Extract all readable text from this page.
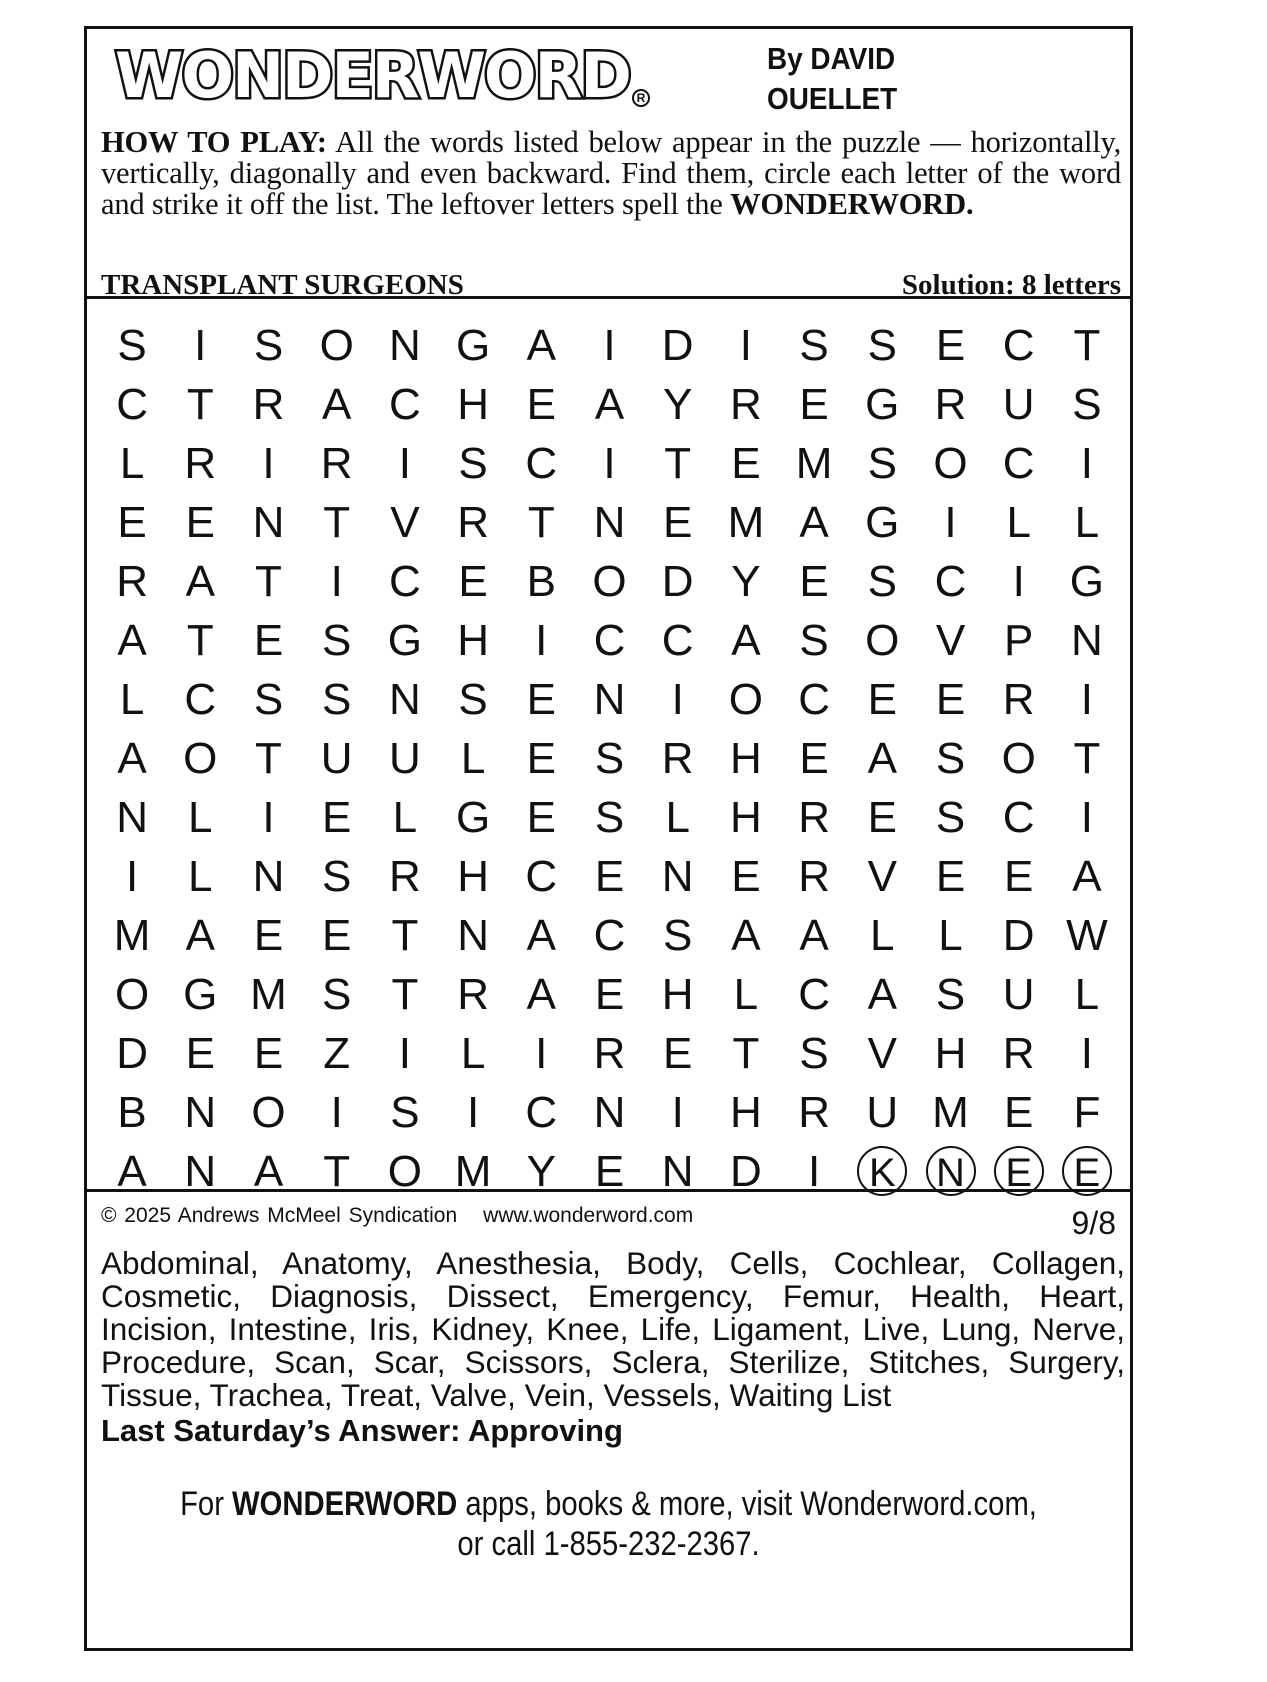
WONDERWORD R
By DAVID
OUELLET
HOW TO PLAY: All the words listed below appear in the puzzle — horizontally, vertically, diagonally and even backward. Find them, circle each letter of the word and strike it off the list. The leftover letters spell the WONDERWORD.
TRANSPLANT SURGEONS	Solution: 8 letters
S	I	S O N G A	I	D	I	S S E C T
C T R A C H E A Y R E G R U S
L R	I	R	I	S C	I	T E M S O C	I
E E N T V R T N E M A G	I	L L
R A T	I	C E B O D Y E S C	I	G
A T E S G H	I	C C A S O V P N
L C S S N S E N	I	O C E E R	I
A O T U U L E S R H E A S O T
N L	I	E L G E S L H R E S C	I
I	L N S R H C E N E R V E E A
M A E E T N A C S A A L L D W
O G M S T R A E H L C A S U L
D E E Z	I	L	I	R E T S V H R	I
B N O	I	S	I	C N	I	H R U M E F
A N A T O M Y E N D	I	K	N	E	E
© 2025 Andrews McMeel Syndication www.wonderword.com	9/8
Abdominal, Anatomy, Anesthesia, Body, Cells, Cochlear, Collagen, Cosmetic, Diagnosis, Dissect, Emergency, Femur, Health, Heart, Incision, Intestine, Iris, Kidney, Knee, Life, Ligament, Live, Lung, Nerve, Procedure, Scan, Scar, Scissors, Sclera, Sterilize, Stitches, Surgery, Tissue, Trachea, Treat, Valve, Vein, Vessels, Waiting List
Last Saturday’s Answer: Approving
For WONDERWORD apps, books & more, visit Wonderword.com,
or call 1-855-232-2367.
